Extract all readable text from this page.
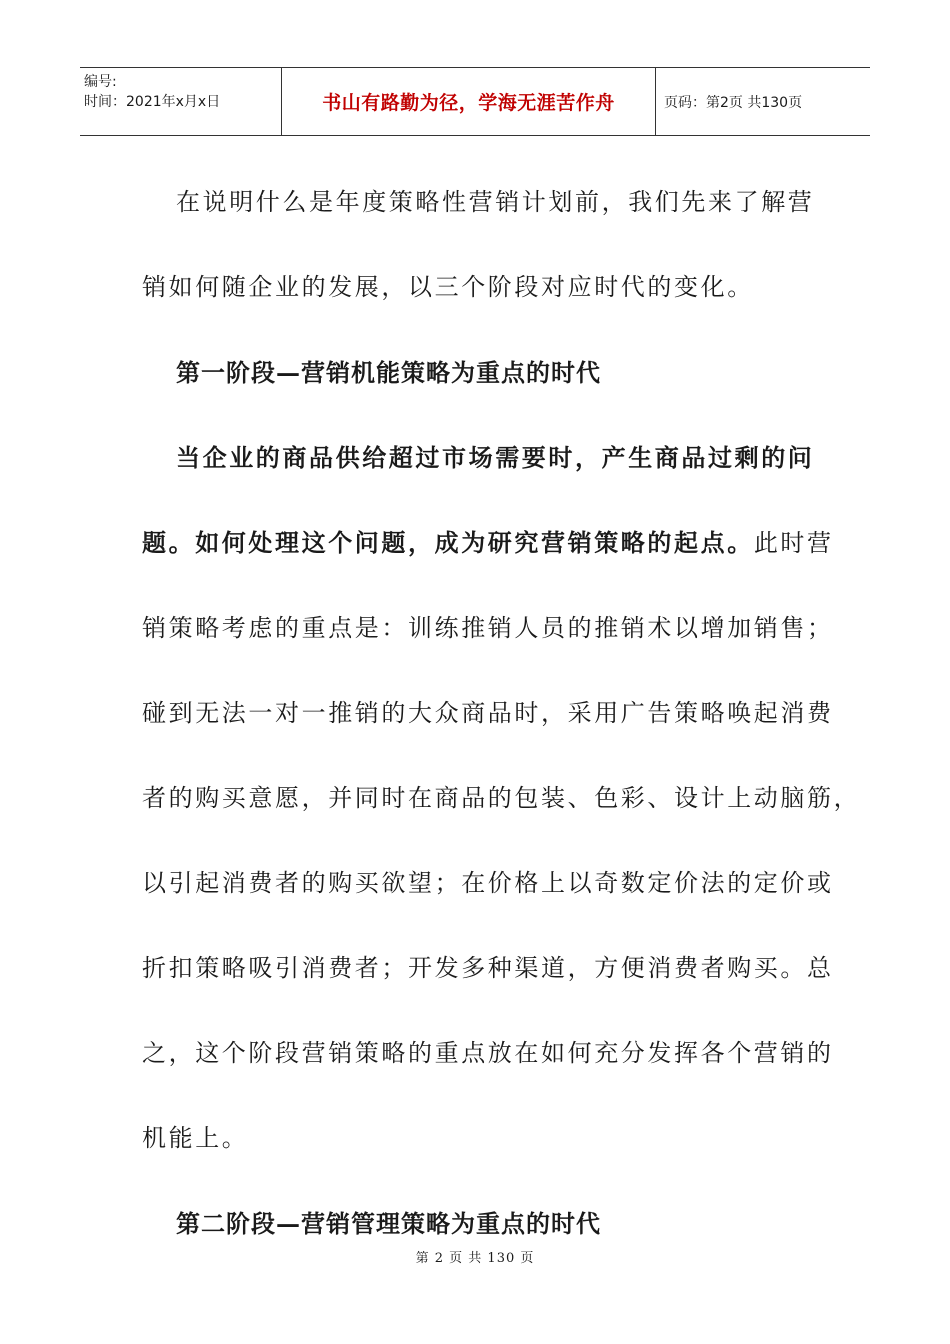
编号:
时间：2021年x月x日	书山有路勤为径，学海无涯苦作舟	页码：第2页 共130页

在说明什么是年度策略性营销计划前，我们先来了解营
销如何随企业的发展，以三个阶段对应时代的变化。

第一阶段—营销机能策略为重点的时代

当企业的商品供给超过市场需要时，产生商品过剩的问
题。如何处理这个问题，成为研究营销策略的起点。此时营
销策略考虑的重点是：训练推销人员的推销术以增加销售；
碰到无法一对一推销的大众商品时，采用广告策略唤起消费
者的购买意愿，并同时在商品的包装、色彩、设计上动脑筋，
以引起消费者的购买欲望；在价格上以奇数定价法的定价或
折扣策略吸引消费者；开发多种渠道，方便消费者购买。总
之，这个阶段营销策略的重点放在如何充分发挥各个营销的
机能上。

第二阶段—营销管理策略为重点的时代

第 2 页 共 130 页
